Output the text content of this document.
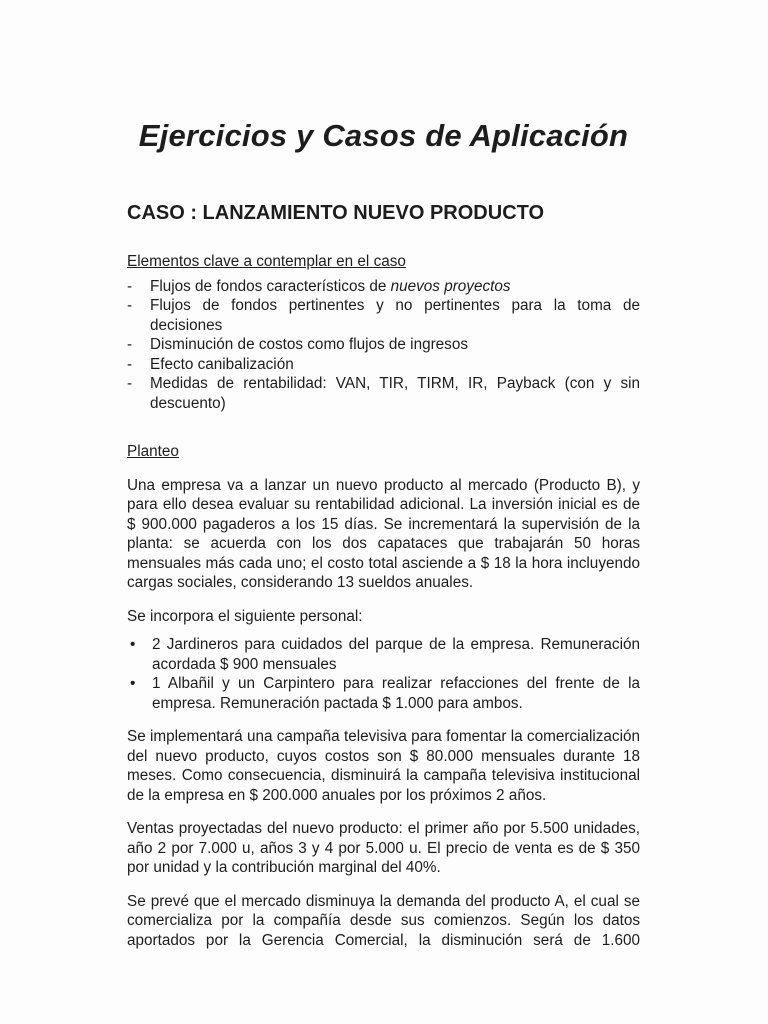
Ejercicios y Casos de Aplicación
CASO : LANZAMIENTO NUEVO PRODUCTO
Elementos clave a contemplar en el caso
-	Flujos de fondos característicos de nuevos proyectos
-	Flujos de fondos pertinentes y no pertinentes para la toma de decisiones
-	Disminución de costos como flujos de ingresos
-	Efecto canibalización
-	Medidas de rentabilidad: VAN, TIR, TIRM, IR, Payback (con y sin descuento)
Planteo

Una empresa va a lanzar un nuevo producto al mercado (Producto B), y para ello desea evaluar su rentabilidad adicional. La inversión inicial es de $ 900.000 pagaderos a los 15 días. Se incrementará la supervisión de la planta: se acuerda con los dos capataces que trabajarán 50 horas mensuales más cada uno; el costo total asciende a $ 18 la hora incluyendo cargas sociales, considerando 13 sueldos anuales.

Se incorpora el siguiente personal:

•	2 Jardineros para cuidados del parque de la empresa. Remuneración acordada $ 900 mensuales
•	1 Albañil y un Carpintero para realizar refacciones del frente de la empresa. Remuneración pactada $ 1.000 para ambos.

Se implementará una campaña televisiva para fomentar la comercialización del nuevo producto, cuyos costos son $ 80.000 mensuales durante 18 meses. Como consecuencia, disminuirá la campaña televisiva institucional de la empresa en $ 200.000 anuales por los próximos 2 años.

Ventas proyectadas del nuevo producto: el primer año por 5.500 unidades, año 2 por 7.000 u, años 3 y 4 por 5.000 u. El precio de venta es de $ 350 por unidad y la contribución marginal del 40%.

Se prevé que el mercado disminuya la demanda del producto A, el cual se comercializa por la compañía desde sus comienzos. Según los datos aportados por la Gerencia Comercial, la disminución será de 1.600
